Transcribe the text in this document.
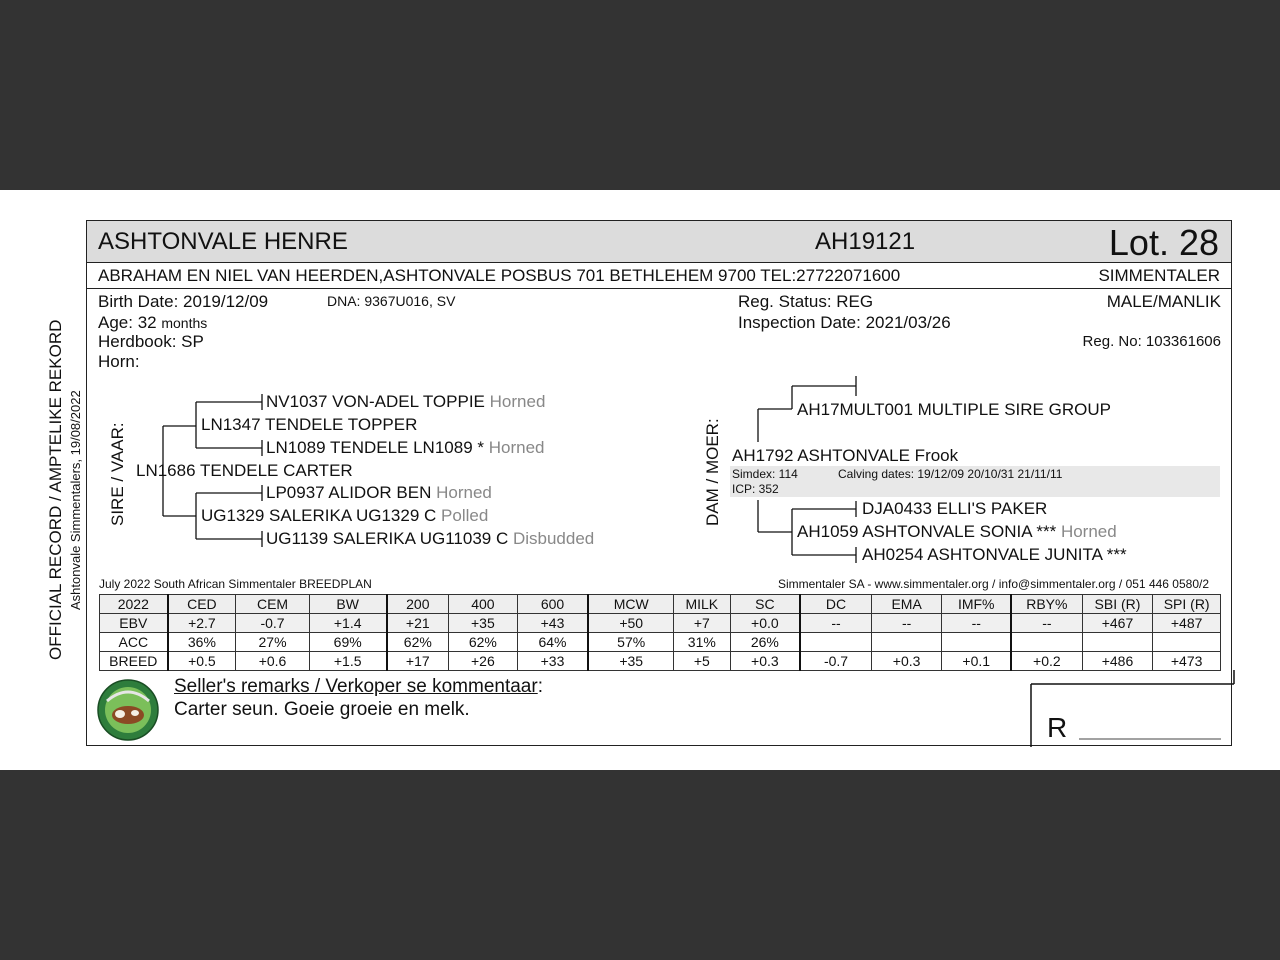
OFFICIAL RECORD / AMPTELIKE REKORD Ashtonvale Simmentalers, 19/08/2022
ASHTONVALE HENRE	AH19121	Lot. 28
ABRAHAM EN NIEL VAN HEERDEN,ASHTONVALE POSBUS 701 BETHLEHEM 9700 TEL:27722071600	SIMMENTALER
Birth Date: 2019/12/09	DNA: 9367U016, SV
Age: 32 months
Herdbook: SP
Horn:
Reg. Status: REG
Inspection Date: 2021/03/26
MALE/MANLIK
Reg. No: 103361606
SIRE / VAAR:
NV1037 VON-ADEL TOPPIE Horned
LN1347 TENDELE TOPPER
LN1089 TENDELE LN1089 * Horned
LN1686 TENDELE CARTER
LP0937 ALIDOR BEN Horned
UG1329 SALERIKA UG1329 C Polled
UG1139 SALERIKA UG11039 C Disbudded
DAM / MOER:
AH17MULT001 MULTIPLE SIRE GROUP
AH1792 ASHTONVALE Frook
Simdex: 114	Calving dates: 19/12/09 20/10/31 21/11/11
ICP: 352
DJA0433 ELLI'S PAKER
AH1059 ASHTONVALE SONIA *** Horned
AH0254 ASHTONVALE JUNITA ***
July 2022 South African Simmentaler BREEDPLAN	Simmentaler SA - www.simmentaler.org / info@simmentaler.org / 051 446 0580/2
2022	CED	CEM	BW	200	400	600	MCW	MILK	SC	DC	EMA	IMF%	RBY%	SBI (R)	SPI (R)
EBV	+2.7	-0.7	+1.4	+21	+35	+43	+50	+7	+0.0	--	--	--	--	+467	+487
ACC	36%	27%	69%	62%	62%	64%	57%	31%	26%						
BREED	+0.5	+0.6	+1.5	+17	+26	+33	+35	+5	+0.3	-0.7	+0.3	+0.1	+0.2	+486	+473
Seller's remarks / Verkoper se kommentaar:
Carter seun. Goeie groeie en melk.
R
